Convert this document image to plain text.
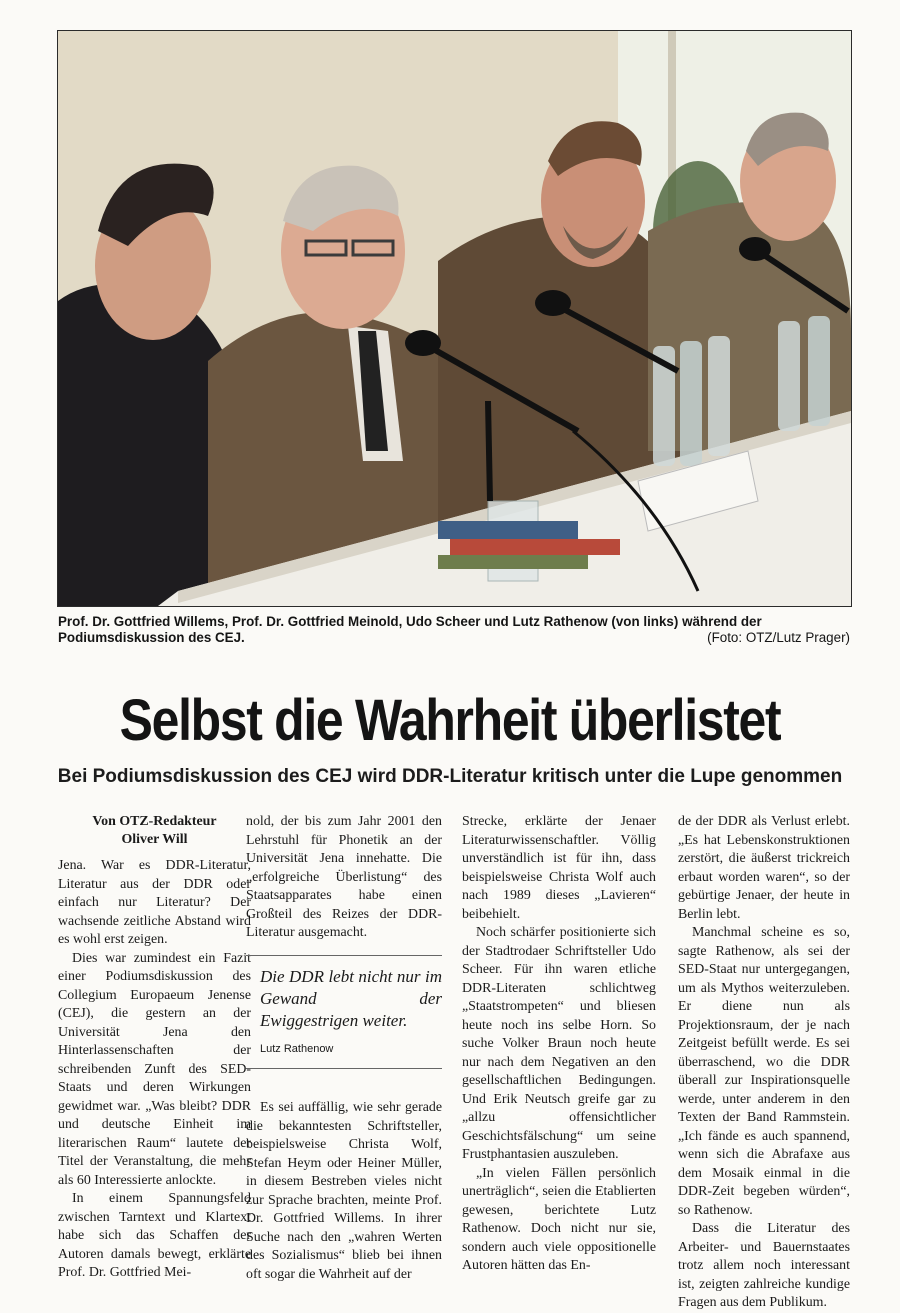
Prof. Dr. Gottfried Willems, Prof. Dr. Gottfried Meinold, Udo Scheer und Lutz Rathenow (von links) während der Podiumsdiskussion des CEJ.	(Foto: OTZ/Lutz Prager)
Selbst die Wahrheit überlistet
Bei Podiumsdiskussion des CEJ wird DDR-Literatur kritisch unter die Lupe genommen
Von OTZ-Redakteur
Oliver Will

Jena. War es DDR-Literatur, Literatur aus der DDR oder einfach nur Literatur? Der wachsende zeitliche Abstand wird es wohl erst zeigen.

Dies war zumindest ein Fazit einer Podiumsdiskussion des Collegium Europaeum Jenense (CEJ), die gestern an der Universität Jena den Hinterlassenschaften der schreibenden Zunft des SED-Staats und deren Wirkungen gewidmet war. „Was bleibt? DDR und deutsche Einheit im literarischen Raum“ lautete der Titel der Veranstaltung, die mehr als 60 Interessierte anlockte.

In einem Spannungsfeld zwischen Tarntext und Klartext habe sich das Schaffen der Autoren damals bewegt, erklärte Prof. Dr. Gottfried Mei-

nold, der bis zum Jahr 2001 den Lehrstuhl für Phonetik an der Universität Jena innehatte. Die „erfolgreiche Überlistung“ des Staatsapparates habe einen Großteil des Reizes der DDR-Literatur ausgemacht.

Die DDR lebt nicht nur im Gewand der Ewiggestrigen weiter.
Lutz Rathenow

Es sei auffällig, wie sehr gerade die bekanntesten Schriftsteller, beispielsweise Christa Wolf, Stefan Heym oder Heiner Müller, in diesem Bestreben vieles nicht zur Sprache brachten, meinte Prof. Dr. Gottfried Willems. In ihrer Suche nach den „wahren Werten des Sozialismus“ blieb bei ihnen oft sogar die Wahrheit auf der

Strecke, erklärte der Jenaer Literaturwissenschaftler. Völlig unverständlich ist für ihn, dass beispielsweise Christa Wolf auch nach 1989 dieses „Lavieren“ beibehielt.

Noch schärfer positionierte sich der Stadtrodaer Schriftsteller Udo Scheer. Für ihn waren etliche DDR-Literaten schlichtweg „Staatstrompeten“ und bliesen heute noch ins selbe Horn. So suche Volker Braun noch heute nur nach dem Negativen an den gesellschaftlichen Bedingungen. Und Erik Neutsch greife gar zu „allzu offensichtlicher Geschichtsfälschung“ um seine Frustphantasien auszuleben.

„In vielen Fällen persönlich unerträglich“, seien die Etablierten gewesen, berichtete Lutz Rathenow. Doch nicht nur sie, sondern auch viele oppositionelle Autoren hätten das En-

de der DDR als Verlust erlebt. „Es hat Lebenskonstruktionen zerstört, die äußerst trickreich erbaut worden waren“, so der gebürtige Jenaer, der heute in Berlin lebt.

Manchmal scheine es so, sagte Rathenow, als sei der SED-Staat nur untergegangen, um als Mythos weiterzuleben. Er diene nun als Projektionsraum, der je nach Zeitgeist befüllt werde. Es sei überraschend, wo die DDR überall zur Inspirationsquelle werde, unter anderem in den Texten der Band Rammstein. „Ich fände es auch spannend, wenn sich die Abrafaxe aus dem Mosaik einmal in die DDR-Zeit begeben würden“, so Rathenow.

Dass die Literatur des Arbeiter- und Bauernstaates trotz allem noch interessant ist, zeigten zahlreiche kundige Fragen aus dem Publikum.
